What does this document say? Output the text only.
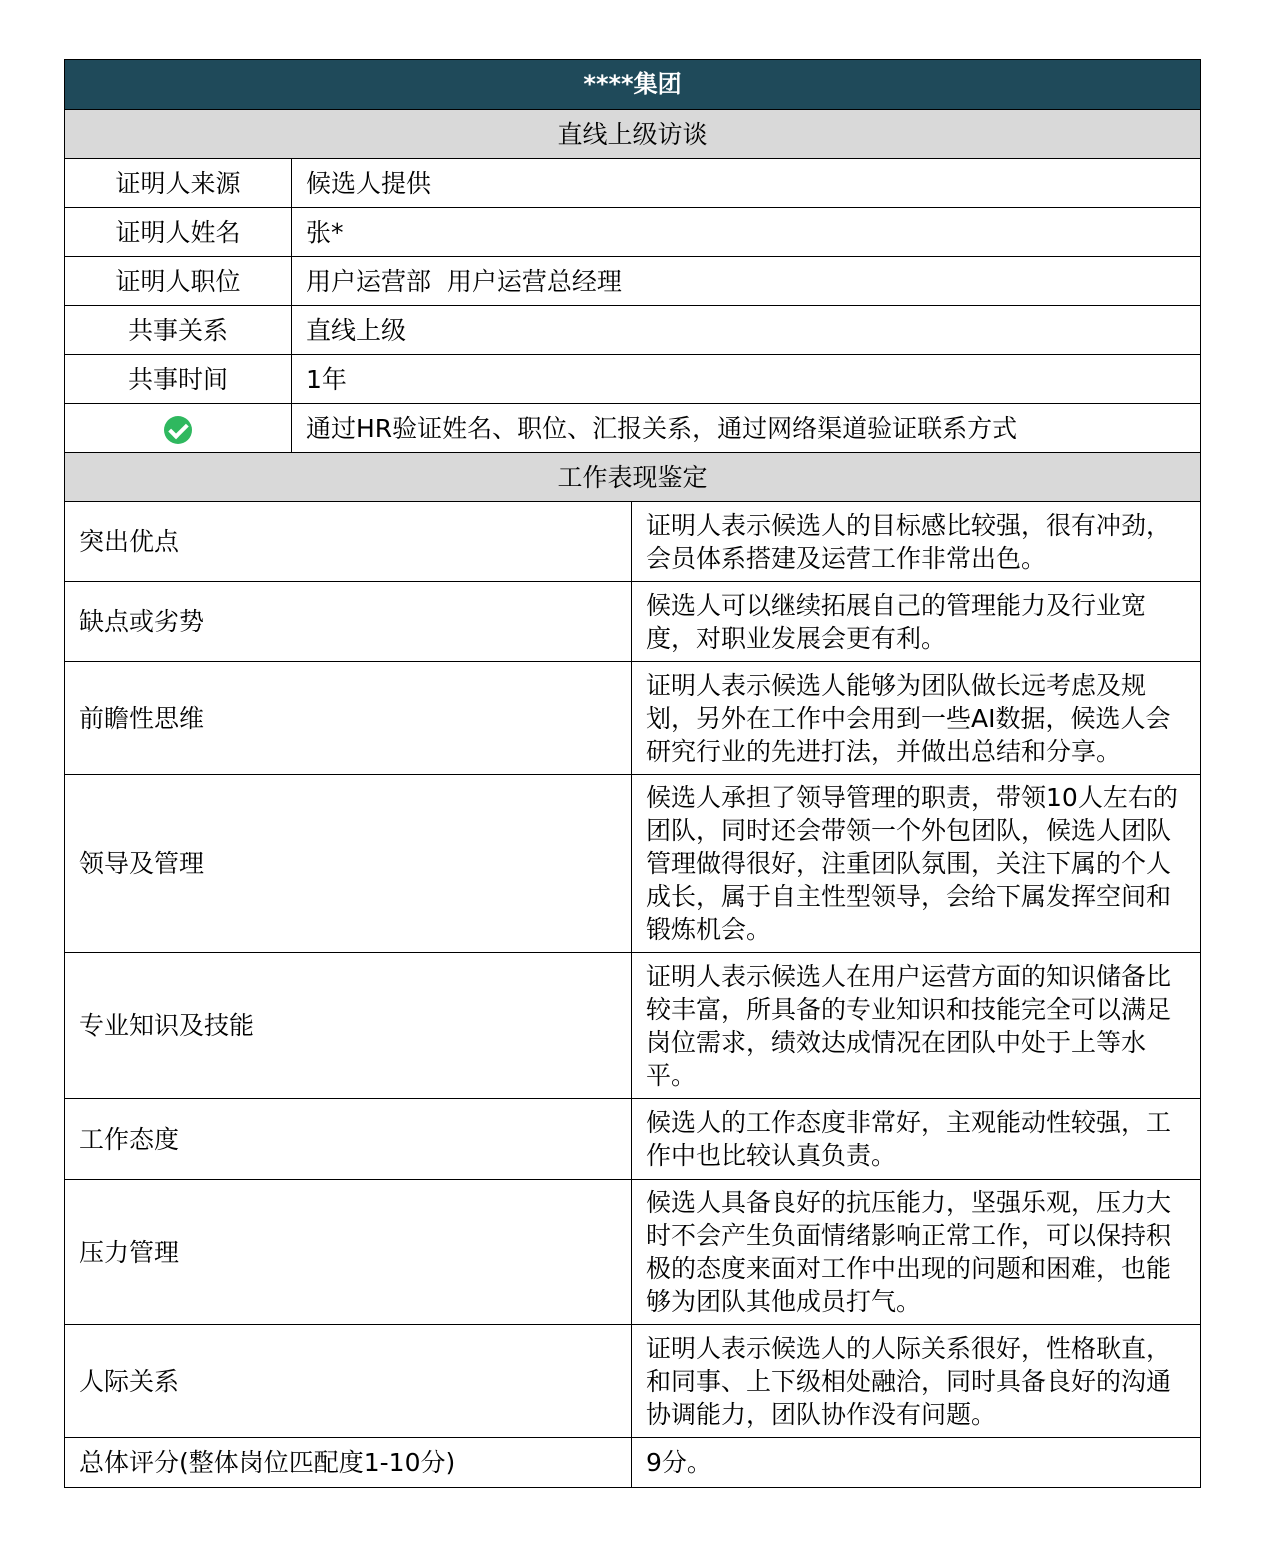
****集团		
直线上级访谈		
证明人来源	候选人提供	
证明人姓名	张*	
证明人职位	用户运营部  用户运营总经理	
共事关系	直线上级	
共事时间	1年	
	通过HR验证姓名、职位、汇报关系，通过网络渠道验证联系方式	
工作表现鉴定		
突出优点		证明人表示候选人的目标感比较强，很有冲劲，会员体系搭建及运营工作非常出色。
缺点或劣势		候选人可以继续拓展自己的管理能力及行业宽度，对职业发展会更有利。
前瞻性思维		证明人表示候选人能够为团队做长远考虑及规划，另外在工作中会用到一些AI数据，候选人会研究行业的先进打法，并做出总结和分享。
领导及管理		候选人承担了领导管理的职责，带领10人左右的团队，同时还会带领一个外包团队，候选人团队管理做得很好，注重团队氛围，关注下属的个人成长，属于自主性型领导，会给下属发挥空间和锻炼机会。
专业知识及技能		证明人表示候选人在用户运营方面的知识储备比较丰富，所具备的专业知识和技能完全可以满足岗位需求，绩效达成情况在团队中处于上等水平。
工作态度		候选人的工作态度非常好，主观能动性较强，工作中也比较认真负责。
压力管理		候选人具备良好的抗压能力，坚强乐观，压力大时不会产生负面情绪影响正常工作，可以保持积极的态度来面对工作中出现的问题和困难，也能够为团队其他成员打气。
人际关系		证明人表示候选人的人际关系很好，性格耿直，和同事、上下级相处融洽，同时具备良好的沟通协调能力，团队协作没有问题。
总体评分(整体岗位匹配度1-10分)		9分。
